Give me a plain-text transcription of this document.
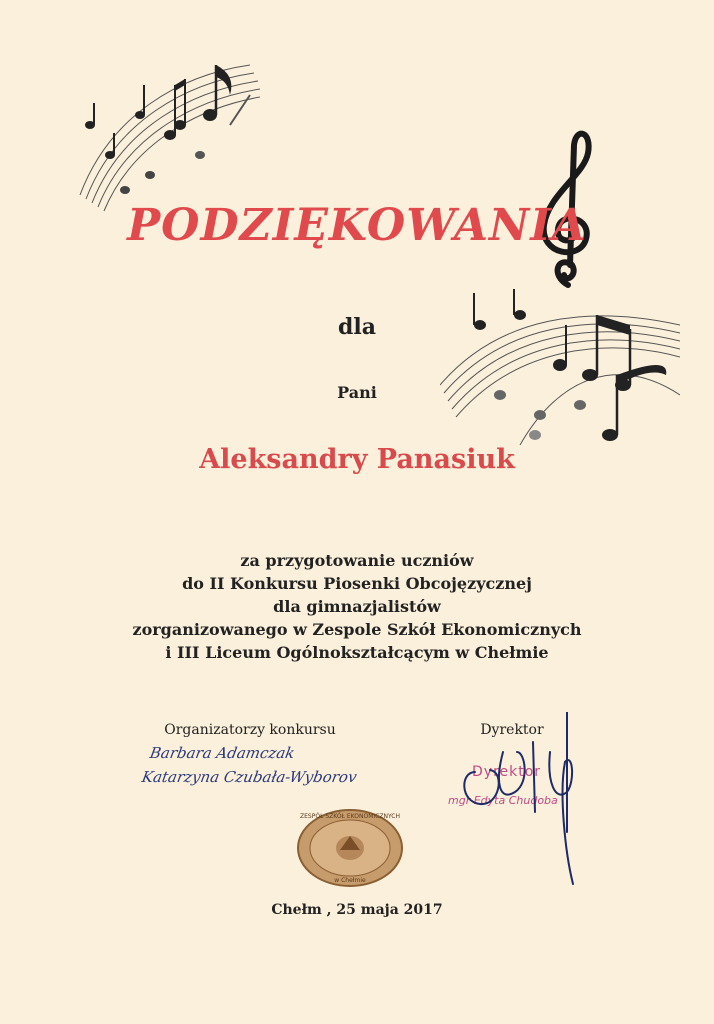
PODZIĘKOWANIA
dla
Pani
Aleksandry Panasiuk
za przygotowanie uczniów
do II Konkursu Piosenki Obcojęzycznej
dla gimnazjalistów
zorganizowanego w Zespole Szkół Ekonomicznych
i III Liceum Ogólnokształcącym w Chełmie
Organizatorzy konkursu	Dyrektor
Barbara Adamczak
Katarzyna Czubała-Wyborov	Dyrektor
mgr Edyta Chudoba
ZESPÓŁ SZKÓŁ EKONOMICZNYCH
w Chełmie
Chełm , 25 maja 2017
